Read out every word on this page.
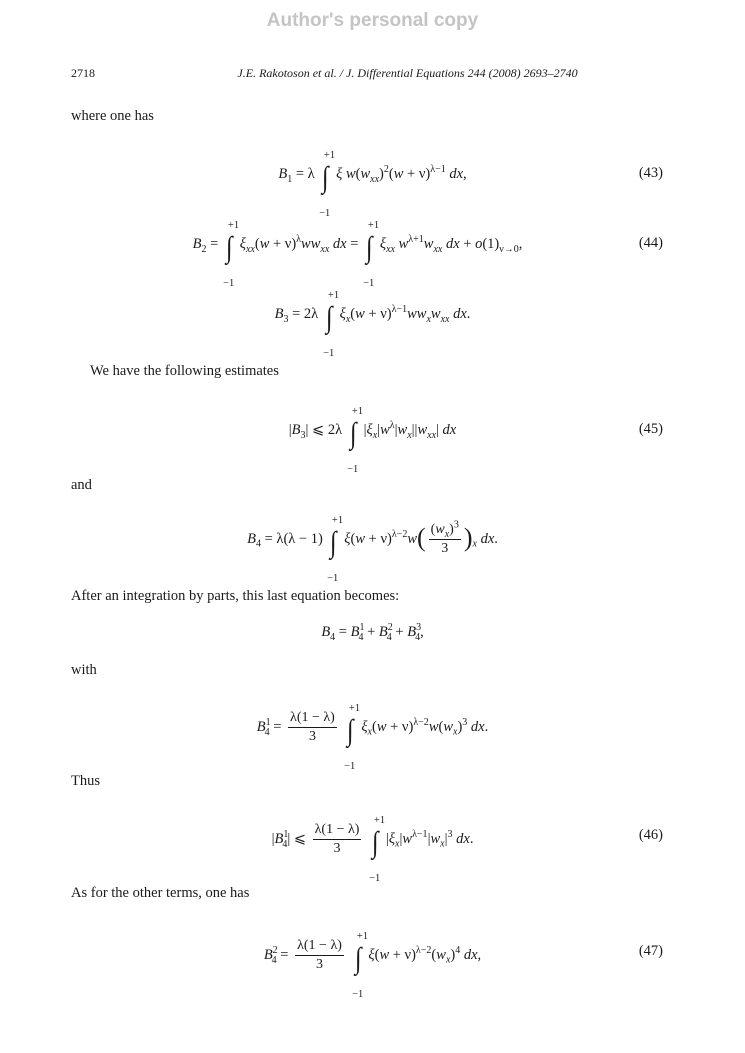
Author's personal copy
2718	J.E. Rakotoson et al. / J. Differential Equations 244 (2008) 2693–2740
where one has
$B_1 = \lambda$ ∫
+1
−1
ξ $w(w_{xx})^2(w + \nu)^{\lambda-1}$ dx,	(43)
$B_2$ = ∫
+1
−1
$\xi_{xx}(w + \nu)^\lambda ww_{xx}$ dx = ∫
+1
−1
$\xi_{xx}$ $w^{\lambda+1}w_{xx}$ dx + $o(1)_{\nu\to 0}$,	(44)
$B_3 = 2\lambda$ ∫
+1
−1
$\xi_x(w + \nu)^{\lambda-1}ww_xw_{xx}$ dx.
We have the following estimates
$|B_3|$ ⩽ 2λ ∫
+1
−1
$|\xi_x|w^\lambda|w_x||w_{xx}|$ dx	(45)
and
$B_4 = \lambda(\lambda - 1)$ ∫
+1
−1
$\xi(w + \nu)^{\lambda-2}w( \frac{(w_x)^3}{3} )_x$ dx.
After an integration by parts, this last equation becomes:
$B_4 = B^1_4 + B^2_4 + B^3_4$,
with
$B^1_4 = \frac{\lambda(1 - \lambda)}{3}$ ∫
+1
−1
$\xi_x(w + \nu)^{\lambda-2}w(w_x)^3$ dx.
Thus
$|B^1_4|$ ⩽ $\frac{\lambda(1 - \lambda)}{3}$ ∫
+1
−1
$|\xi_x|w^{\lambda-1}|w_x|^3$ dx.	(46)
As for the other terms, one has
$B^2_4 = \frac{\lambda(1 - \lambda)}{3}$ ∫
+1
−1
$\xi(w + \nu)^{\lambda-2}(w_x)^4$ dx,	(47)
